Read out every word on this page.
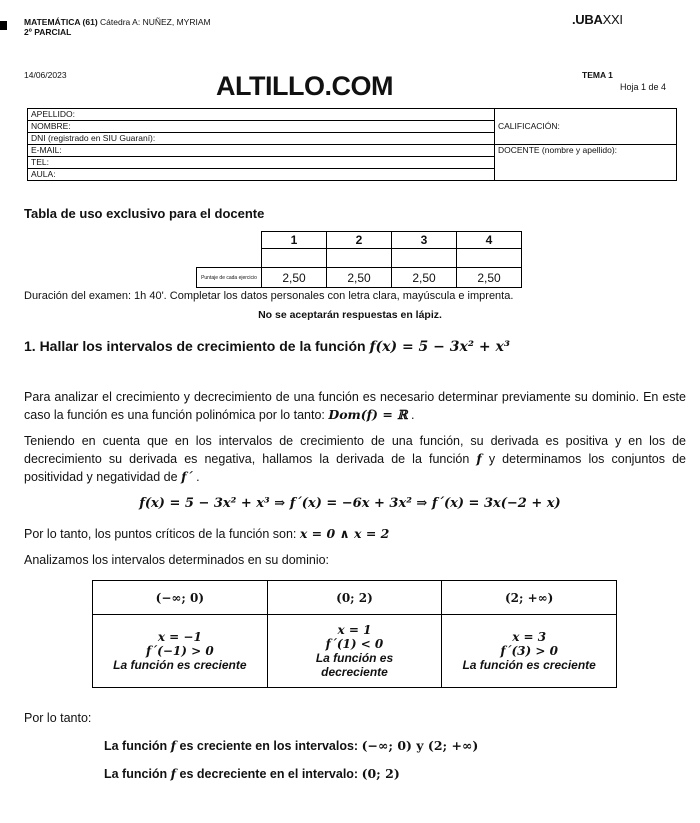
MATEMÁTICA (61) Cátedra A: NUÑEZ, MYRIAM
2º PARCIAL
.UBAXXI
14/06/2023	ALTILLO.COM	TEMA 1
Hoja 1 de 4
APELLIDO:	CALIFICACIÓN:
NOMBRE:	
DNI (registrado en SIU Guaraní):	
E-MAIL:	DOCENTE (nombre y apellido):
TEL:	
AULA:	
Tabla de uso exclusivo para el docente
	1	2	3	4

Puntaje de cada ejercicio	2,50	2,50	2,50	2,50
Duración del examen: 1h 40'. Completar los datos personales con letra clara, mayúscula e imprenta.
No se aceptarán respuestas en lápiz.
1. Hallar los intervalos de crecimiento de la función f(x) = 5 − 3x² + x³
Para analizar el crecimiento y decrecimiento de una función es necesario determinar previamente su dominio. En este caso la función es una función polinómica por lo tanto: Dom(f) = ℝ .
Teniendo en cuenta que en los intervalos de crecimiento de una función, su derivada es positiva y en los de decrecimiento su derivada es negativa, hallamos la derivada de la función f y determinamos los conjuntos de positividad y negatividad de f´ .
f(x) = 5 − 3x² + x³ ⇒ f´(x) = −6x + 3x² ⇒ f´(x) = 3x(−2 + x)
Por lo tanto, los puntos críticos de la función son: x = 0 ∧ x = 2
Analizamos los intervalos determinados en su dominio:
(−∞; 0)	(0; 2)	(2; +∞)

x = −1
f´(−1) > 0
La función es creciente	x = 1
f´(1) < 0
La función es decreciente	x = 3
f´(3) > 0
La función es creciente
Por lo tanto:
La función f es creciente en los intervalos: (−∞; 0) y (2; +∞)
La función f es decreciente en el intervalo: (0; 2)
